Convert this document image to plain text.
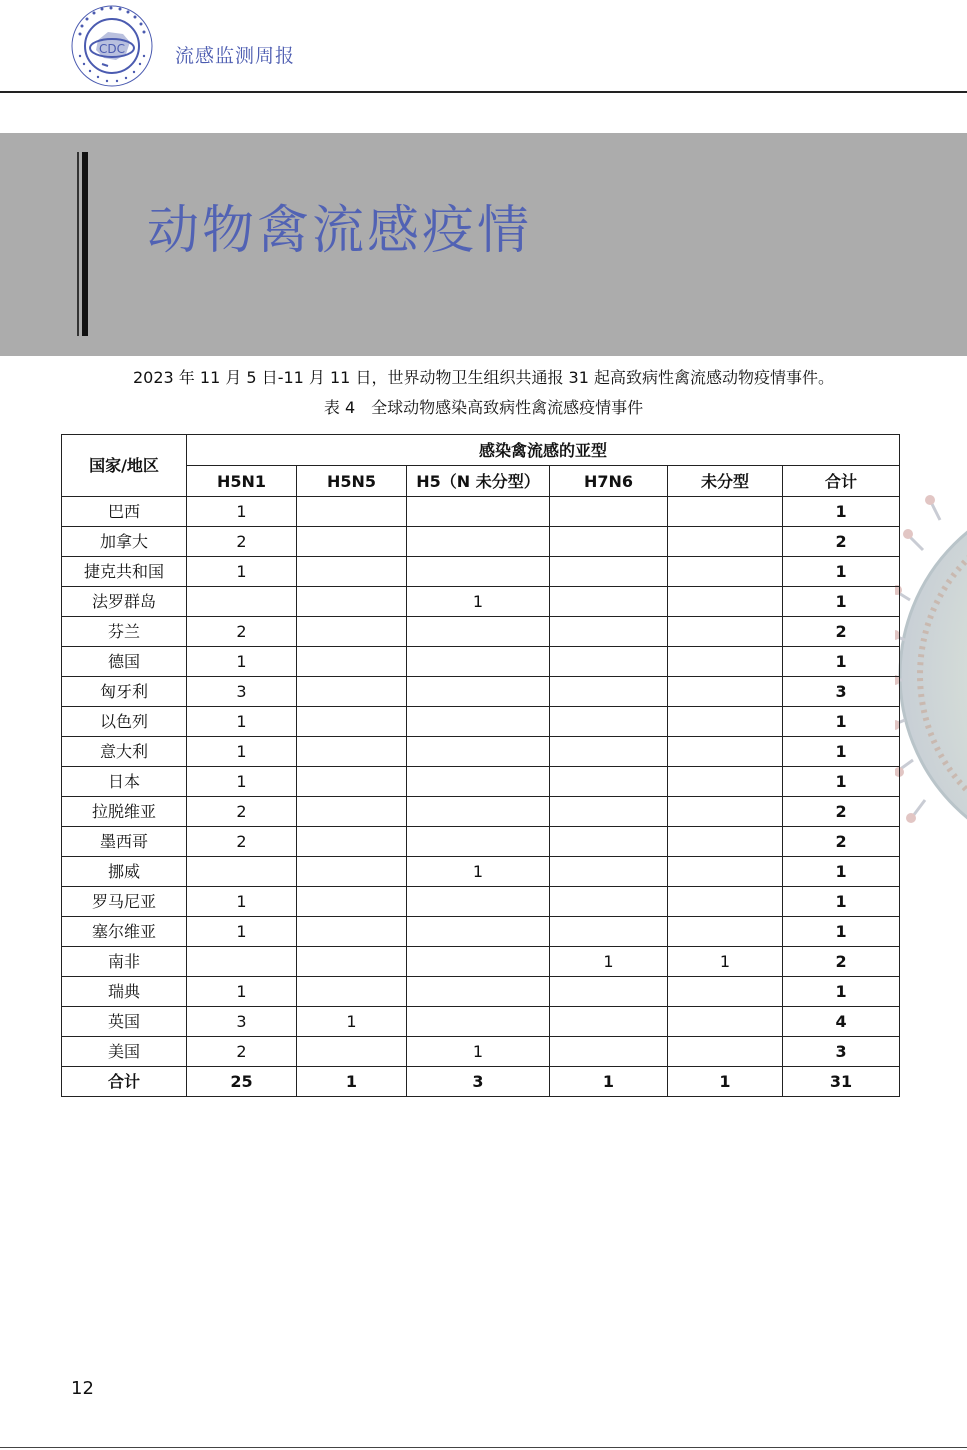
CDC	流感监测周报
动物禽流感疫情
2023 年 11 月 5 日-11 月 11 日，世界动物卫生组织共通报 31 起高致病性禽流感动物疫情事件。
表 4　全球动物感染高致病性禽流感疫情事件
国家/地区	感染禽流感的亚型					
	H5N1	H5N5	H5（N 未分型）	H7N6	未分型	合计
巴西	1					1
加拿大	2					2
捷克共和国	1					1
法罗群岛			1			1
芬兰	2					2
德国	1					1
匈牙利	3					3
以色列	1					1
意大利	1					1
日本	1					1
拉脱维亚	2					2
墨西哥	2					2
挪威			1			1
罗马尼亚	1					1
塞尔维亚	1					1
南非				1	1	2
瑞典	1					1
英国	3	1				4
美国	2		1			3
合计	25	1	3	1	1	31
12
